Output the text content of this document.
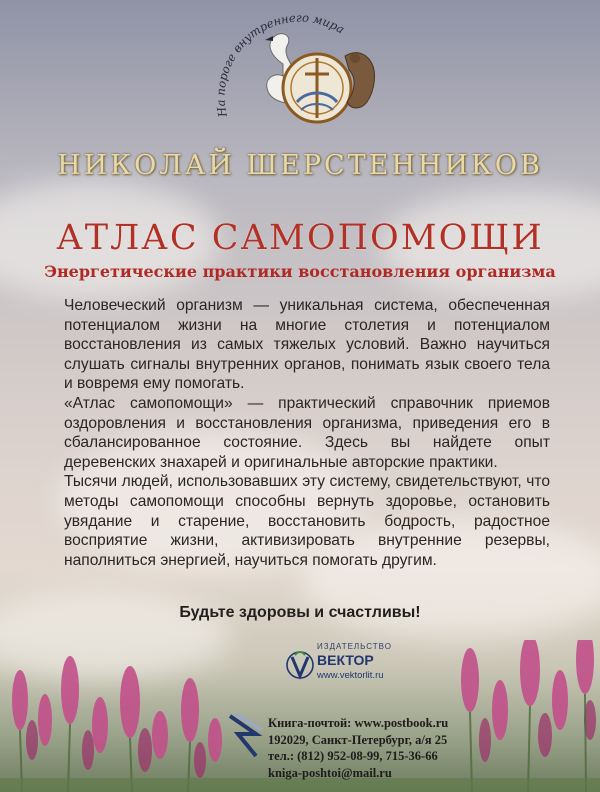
На пороге внутреннего мира
НИКОЛАЙ ШЕРСТЕННИКОВ
АТЛАС САМОПОМОЩИ
Энергетические практики восстановления организма

Человеческий организм — уникальная система, обеспеченная потенциалом жизни на многие столетия и потенциалом восстановления из самых тяжелых условий. Важно научиться слушать сигналы внутренних органов, понимать язык своего тела и вовремя ему помогать.

«Атлас самопомощи» — практический справочник приемов оздоровления и восстановления организма, приведения его в сбалансированное состояние. Здесь вы найдете опыт деревенских знахарей и оригинальные авторские практики.

Тысячи людей, использовавших эту систему, свидетельствуют, что методы самопомощи способны вернуть здоровье, остановить увядание и старение, восстановить бодрость, радостное восприятие жизни, активизировать внутренние резервы, наполниться энергией, научиться помогать другим.

Будьте здоровы и счастливы!
ИЗДАТЕЛЬСТВО
ВЕКТОР
www.vektorlit.ru
Книга-почтой: www.postbook.ru
192029, Санкт-Петербург, а/я 25
тел.: (812) 952-08-99, 715-36-66
kniga-poshtoi@mail.ru
